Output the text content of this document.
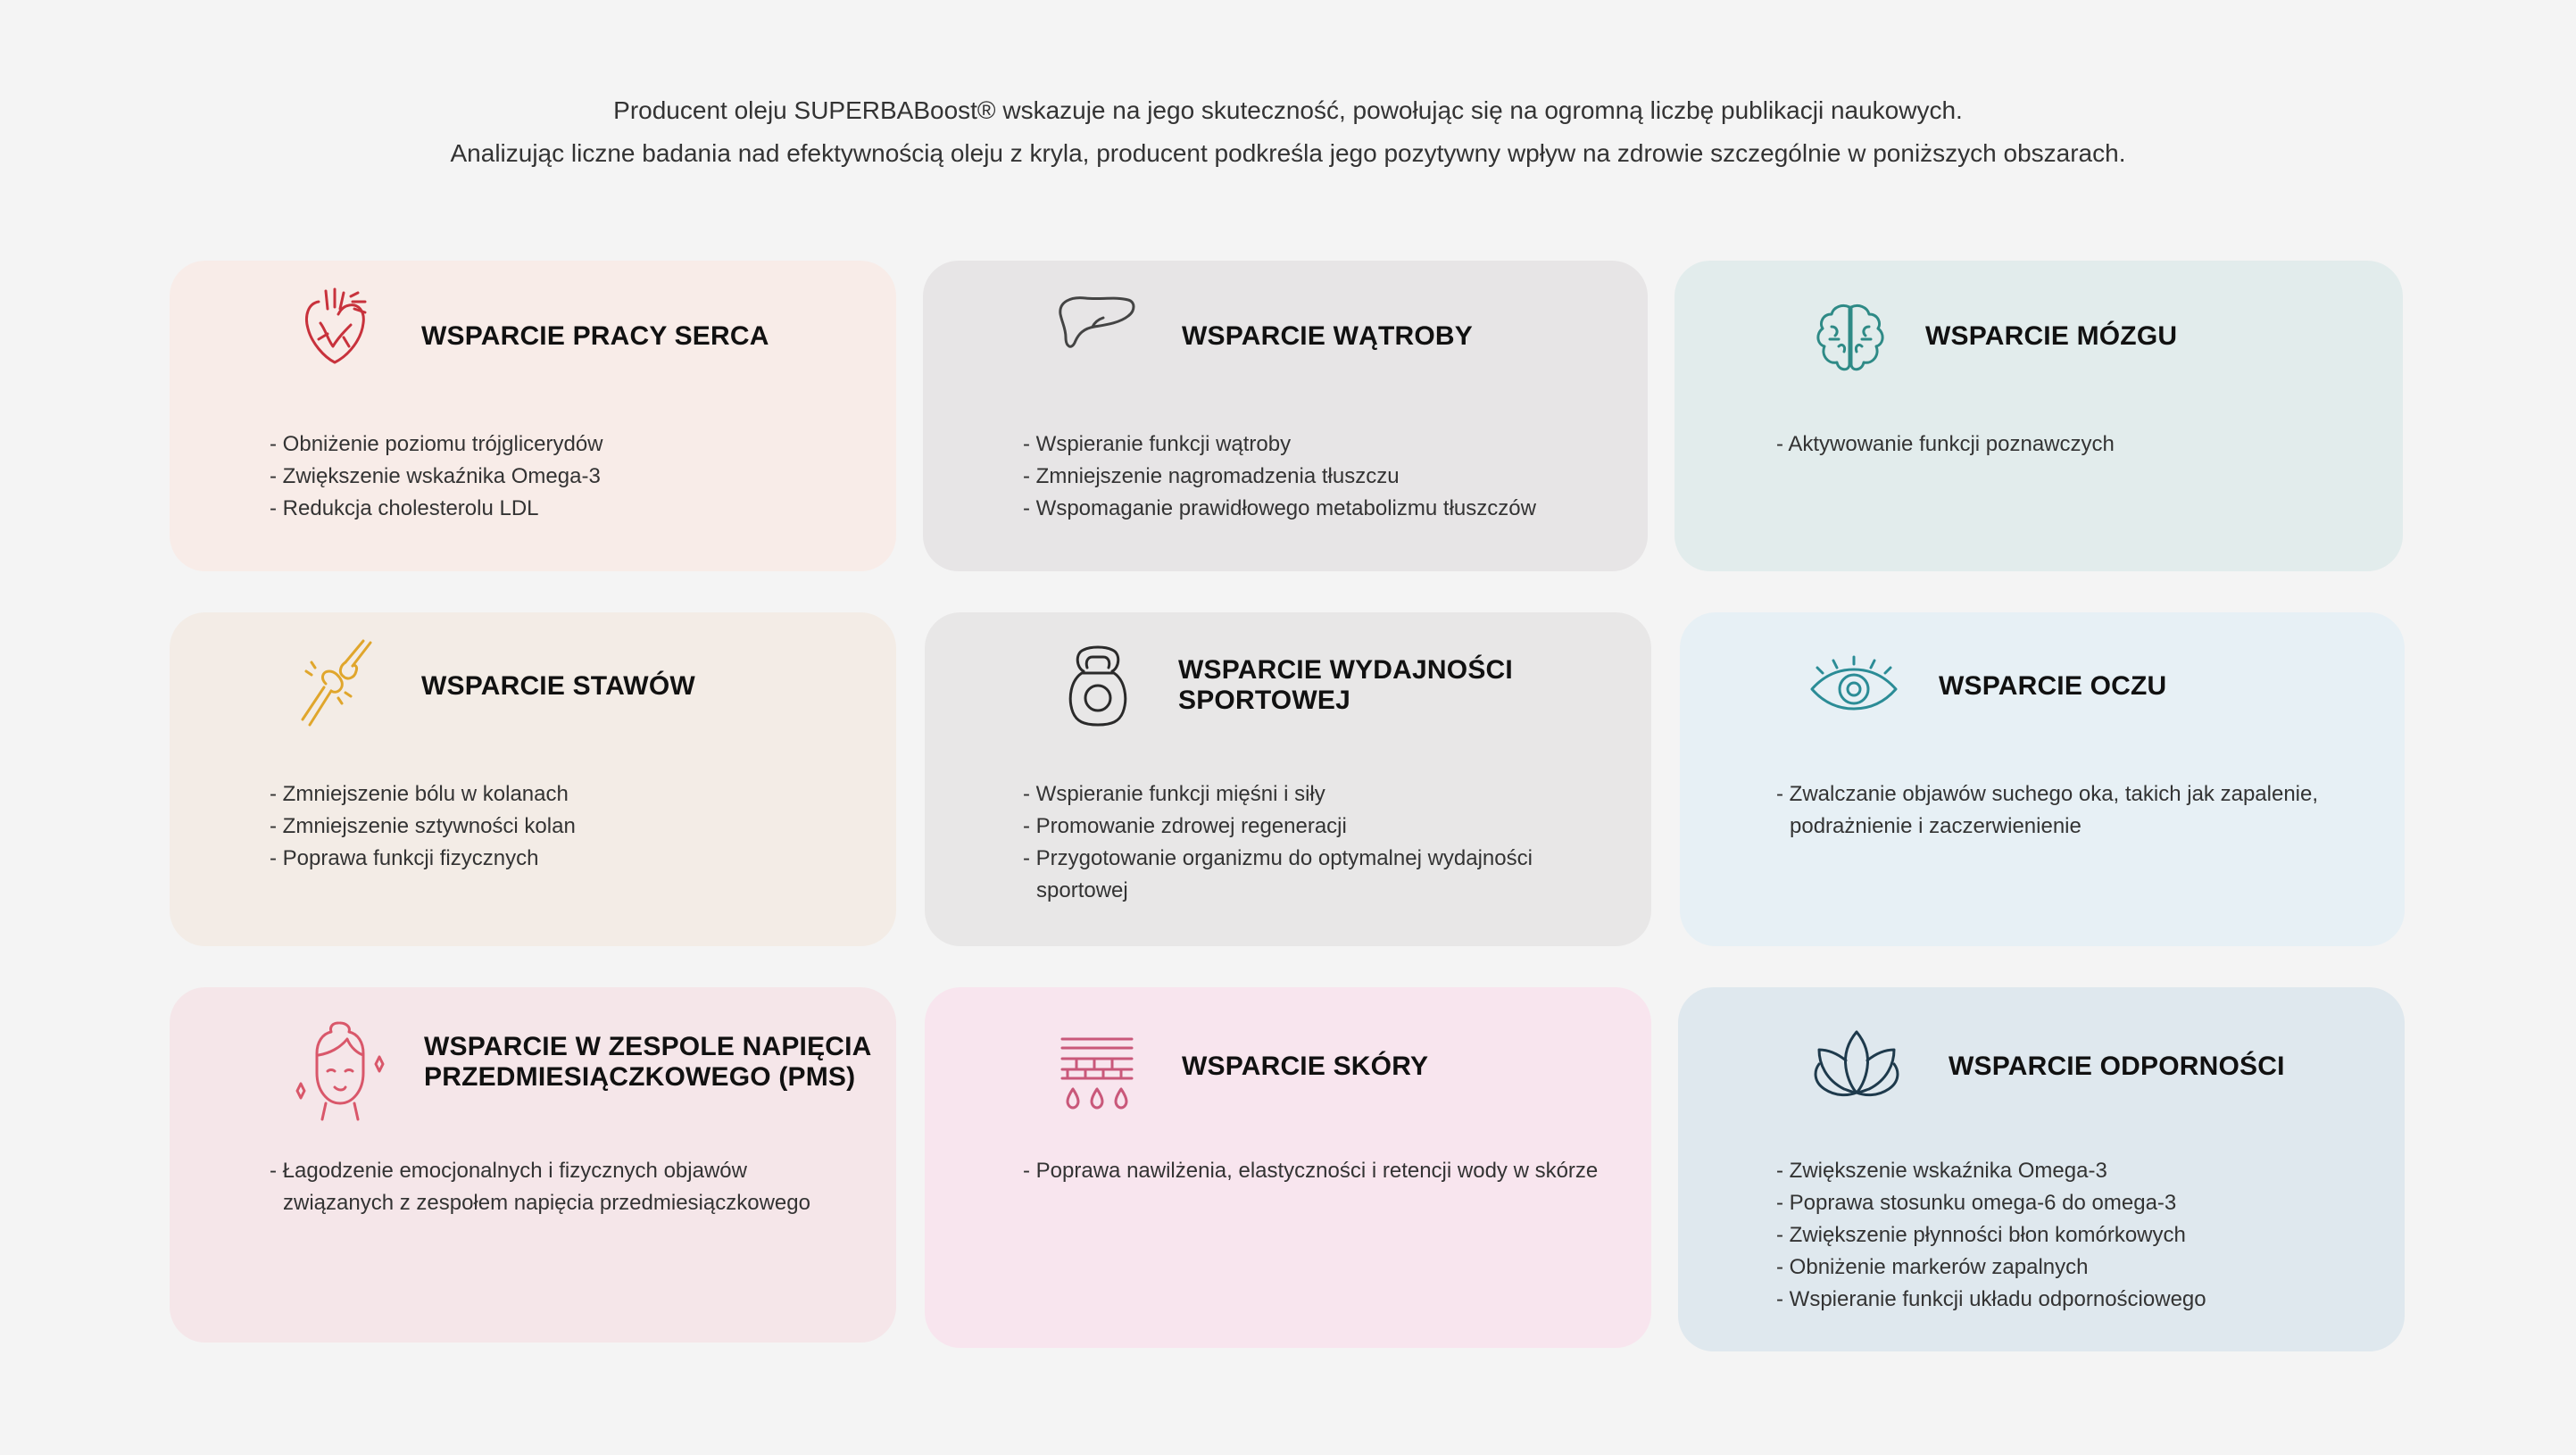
Producent oleju SUPERBABoost® wskazuje na jego skuteczność, powołując się na ogromną liczbę publikacji naukowych.

Analizując liczne badania nad efektywnością oleju z kryla, producent podkreśla jego pozytywny wpływ na zdrowie szczególnie w poniższych obszarach.

WSPARCIE PRACY SERCA
- Obniżenie poziomu trójglicerydów
- Zwiększenie wskaźnika Omega-3
- Redukcja cholesterolu LDL
WSPARCIE WĄTROBY
- Wspieranie funkcji wątroby
- Zmniejszenie nagromadzenia tłuszczu
- Wspomaganie prawidłowego metabolizmu tłuszczów
WSPARCIE MÓZGU
- Aktywowanie funkcji poznawczych
WSPARCIE STAWÓW
- Zmniejszenie bólu w kolanach
- Zmniejszenie sztywności kolan
- Poprawa funkcji fizycznych
WSPARCIE WYDAJNOŚCI
SPORTOWEJ
- Wspieranie funkcji mięśni i siły
- Promowanie zdrowej regeneracji
- Przygotowanie organizmu do optymalnej wydajności sportowej
WSPARCIE OCZU
- Zwalczanie objawów suchego oka, takich jak zapalenie, podrażnienie i zaczerwienienie
WSPARCIE W ZESPOLE NAPIĘCIA
PRZEDMIESIĄCZKOWEGO (PMS)
- Łagodzenie emocjonalnych i fizycznych objawów związanych z zespołem napięcia przedmiesiączkowego
WSPARCIE SKÓRY
- Poprawa nawilżenia, elastyczności i retencji wody w skórze
WSPARCIE ODPORNOŚCI
- Zwiększenie wskaźnika Omega-3
- Poprawa stosunku omega-6 do omega-3
- Zwiększenie płynności błon komórkowych
- Obniżenie markerów zapalnych
- Wspieranie funkcji układu odpornościowego
